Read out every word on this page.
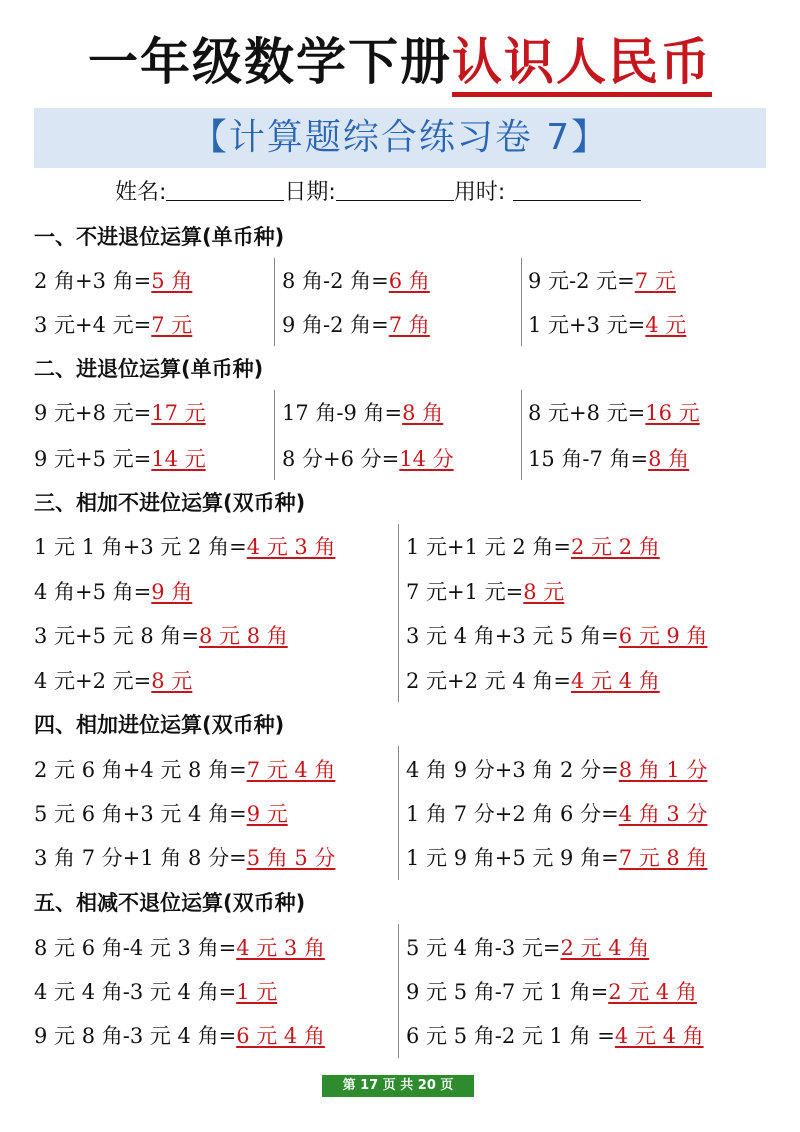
一年级数学下册认识人民币
【计算题综合练习卷 7】
姓名:	日期:	用时:
一、不进退位运算(单币种)
2 角+3 角=5 角	8 角-2 角=6 角	9 元-2 元=7 元
3 元+4 元=7 元	9 角-2 角=7 角	1 元+3 元=4 元
二、进退位运算(单币种)
9 元+8 元=17 元	17 角-9 角=8 角	8 元+8 元=16 元
9 元+5 元=14 元	8 分+6 分=14 分	15 角-7 角=8 角
三、相加不进位运算(双币种)
1 元 1 角+3 元 2 角=4 元 3 角	1 元+1 元 2 角=2 元 2 角
4 角+5 角=9 角	7 元+1 元=8 元
3 元+5 元 8 角=8 元 8 角	3 元 4 角+3 元 5 角=6 元 9 角
4 元+2 元=8 元	2 元+2 元 4 角=4 元 4 角
四、相加进位运算(双币种)
2 元 6 角+4 元 8 角=7 元 4 角	4 角 9 分+3 角 2 分=8 角 1 分
5 元 6 角+3 元 4 角=9 元	1 角 7 分+2 角 6 分=4 角 3 分
3 角 7 分+1 角 8 分=5 角 5 分	1 元 9 角+5 元 9 角=7 元 8 角
五、相减不退位运算(双币种)
8 元 6 角-4 元 3 角=4 元 3 角	5 元 4 角-3 元=2 元 4 角
4 元 4 角-3 元 4 角=1 元	9 元 5 角-7 元 1 角=2 元 4 角
9 元 8 角-3 元 4 角=6 元 4 角	6 元 5 角-2 元 1 角 =4 元 4 角
第 17 页 共 20 页
